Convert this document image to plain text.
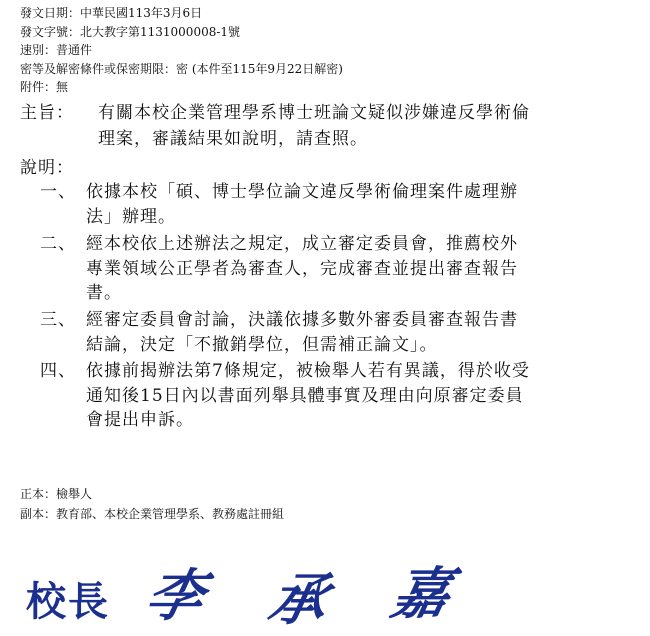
發文日期：中華民國113年3月6日
發文字號：北大教字第1131000008-1號
速別：普通件
密等及解密條件或保密期限：密 (本件至115年9月22日解密)
附件：無
主旨： 有關本校企業管理學系博士班論文疑似涉嫌違反學術倫
理案，審議結果如說明，請查照。
說明：
一、 依據本校「碩、博士學位論文違反學術倫理案件處理辦
法」辦理。
二、 經本校依上述辦法之規定，成立審定委員會，推薦校外
專業領域公正學者為審查人，完成審查並提出審查報告
書。
三、 經審定委員會討論，決議依據多數外審委員審查報告書
結論，決定「不撤銷學位，但需補正論文」。
四、 依據前揭辦法第7條規定，被檢舉人若有異議，得於收受
通知後15日內以書面列舉具體事實及理由向原審定委員
會提出申訴。
正本：檢舉人
副本：教育部、本校企業管理學系、教務處註冊組
校長 李 承 嘉
